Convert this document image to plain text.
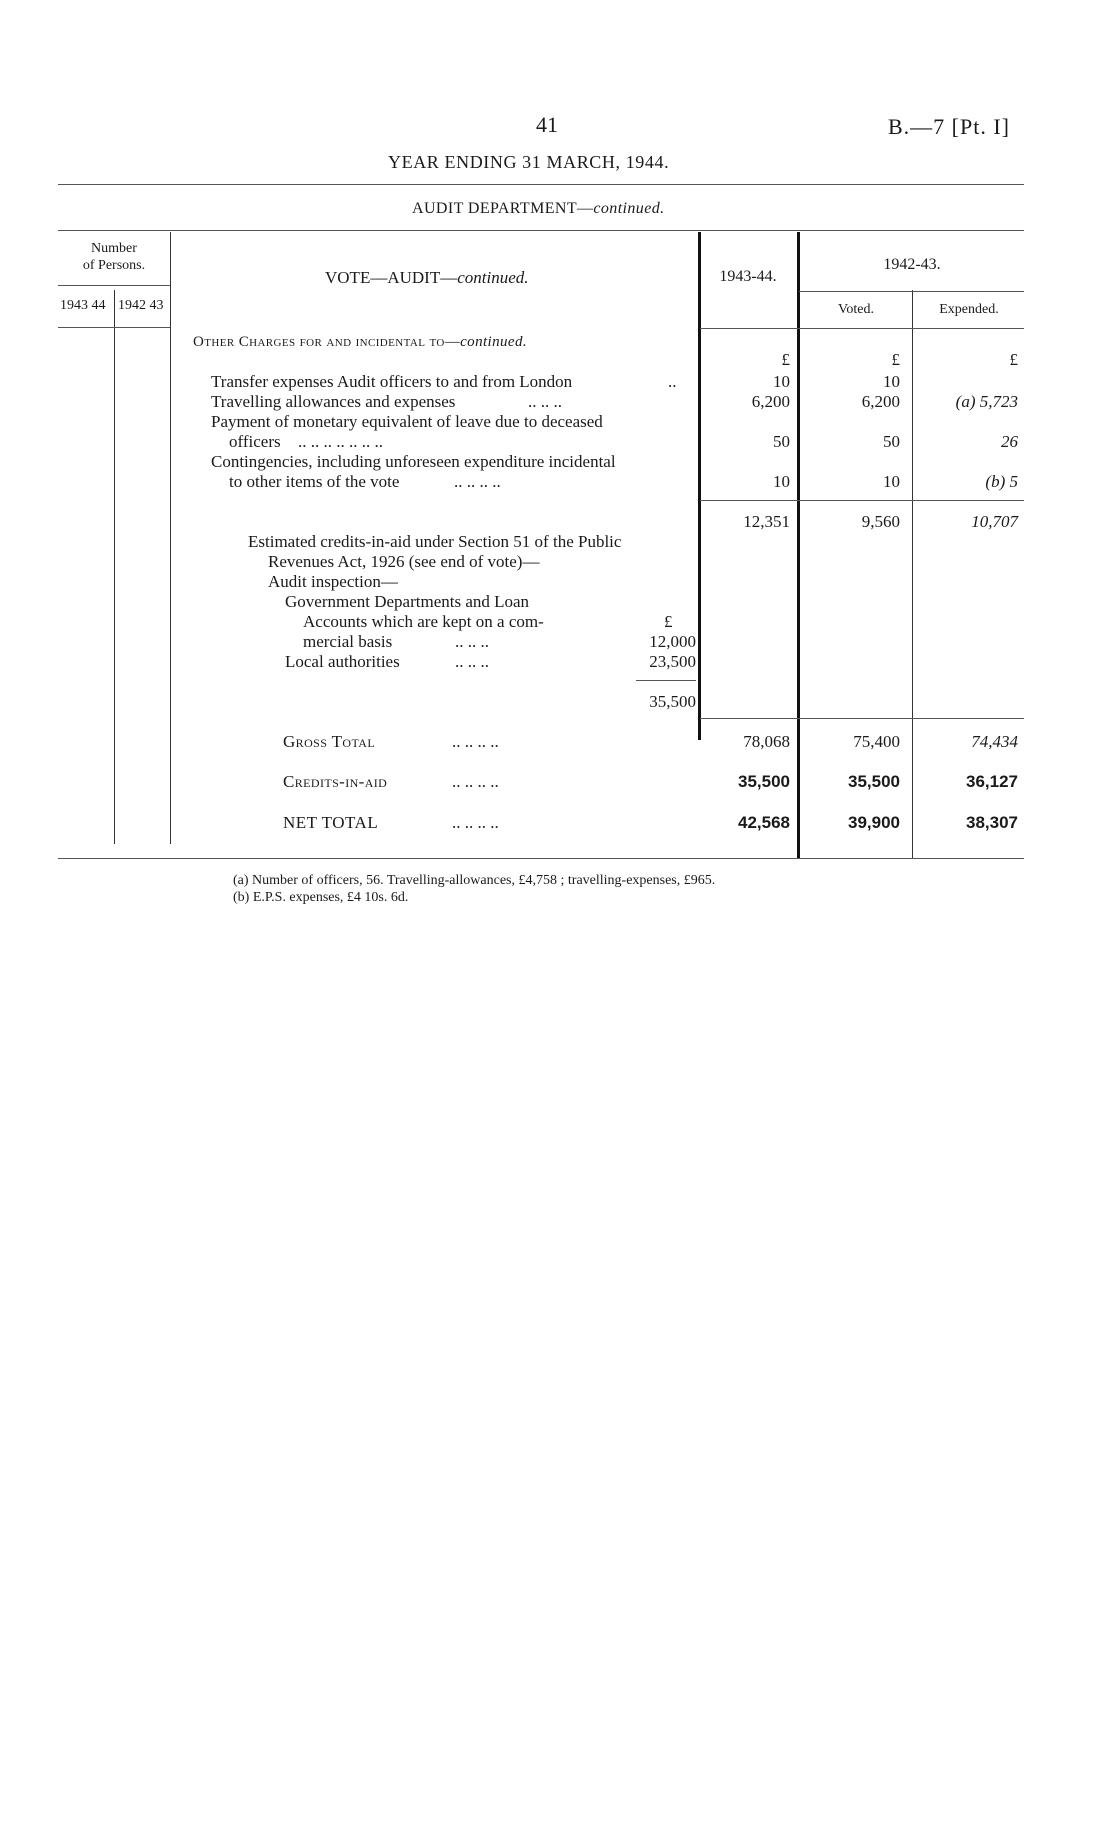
41	B.—7 [Pt. I]
YEAR ENDING 31 MARCH, 1944.
AUDIT DEPARTMENT—continued.
Number
of Persons.
1943 44 1942 43
VOTE—AUDIT—continued.	1943-44.
1942-43.
Voted.	Expended.
Other Charges for and incidental to—continued.
£	£	£
Transfer expenses Audit officers to and from London	..	10	10
Travelling allowances and expenses	.. .. ..	6,200	6,200	(a) 5,723
Payment of monetary equivalent of leave due to deceased
officers .. .. .. .. .. .. ..	50	50	26
Contingencies, including unforeseen expenditure incidental
to other items of the vote	.. .. .. ..	10	10	(b) 5
12,351	9,560	10,707
Estimated credits-in-aid under Section 51 of the Public
Revenues Act, 1926 (see end of vote)—
Audit inspection—
Government Departments and Loan
Accounts which are kept on a com-	£
mercial basis	.. .. ..	12,000
Local authorities	.. .. ..	23,500
35,500
Gross Total	.. .. .. ..	78,068	75,400	74,434
Credits-in-aid	.. .. .. ..	35,500	35,500	36,127
NET TOTAL	.. .. .. ..	42,568	39,900	38,307
(a) Number of officers, 56. Travelling-allowances, £4,758 ; travelling-expenses, £965.
(b) E.P.S. expenses, £4 10s. 6d.
